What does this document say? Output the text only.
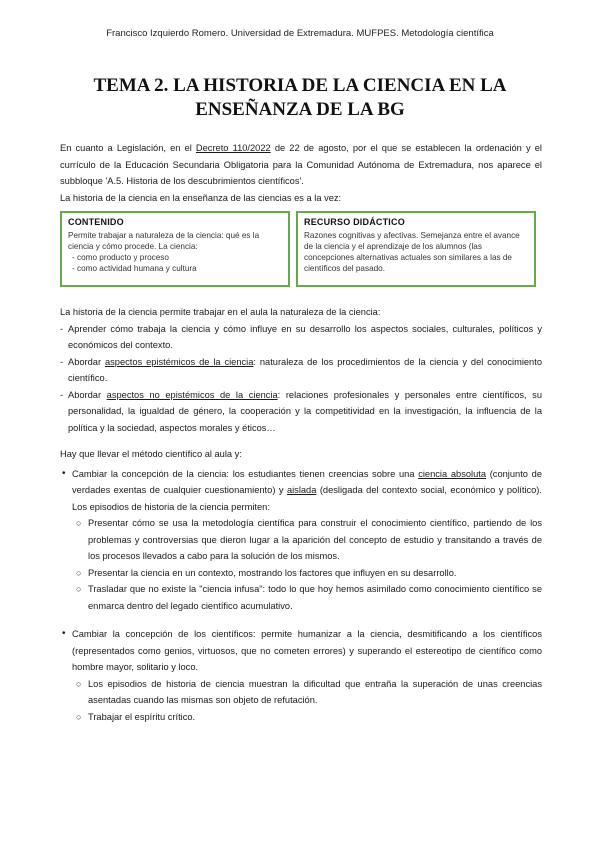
Francisco Izquierdo Romero. Universidad de Extremadura. MUFPES. Metodología científica
TEMA 2. LA HISTORIA DE LA CIENCIA EN LA
ENSEÑANZA DE LA BG

En cuanto a Legislación, en el Decreto 110/2022 de 22 de agosto, por el que se establecen la ordenación y el currículo de la Educación Secundaria Obligatoria para la Comunidad Autónoma de Extremadura, nos aparece el subbloque 'A.5. Historia de los descubrimientos científicos'.

La historia de la ciencia en la enseñanza de las ciencias es a la vez:

CONTENIDO
Permite trabajar a naturaleza de la ciencia: qué es la ciencia y cómo procede. La ciencia:
- como producto y proceso
- como actividad humana y cultura
RECURSO DIDÁCTICO
Razones cognitivas y afectivas. Semejanza entre el avance de la ciencia y el aprendizaje de los alumnos (las concepciones alternativas actuales son similares a las de científicos del pasado.

La historia de la ciencia permite trabajar en el aula la naturaleza de la ciencia:

- Aprender cómo trabaja la ciencia y cómo influye en su desarrollo los aspectos sociales, culturales, políticos y económicos del contexto.
- Abordar aspectos epistémicos de la ciencia: naturaleza de los procedimientos de la ciencia y del conocimiento científico.
- Abordar aspectos no epistémicos de la ciencia: relaciones profesionales y personales entre científicos, su personalidad, la igualdad de género, la cooperación y la competitividad en la investigación, la influencia de la política y la sociedad, aspectos morales y éticos…

Hay que llevar el método científico al aula y:

• Cambiar la concepción de la ciencia: los estudiantes tienen creencias sobre una ciencia absoluta (conjunto de verdades exentas de cualquier cuestionamiento) y aislada (desligada del contexto social, económico y político). Los episodios de historia de la ciencia permiten:
○ Presentar cómo se usa la metodología científica para construir el conocimiento científico, partiendo de los problemas y controversias que dieron lugar a la aparición del concepto de estudio y transitando a través de los procesos llevados a cabo para la solución de los mismos.
○ Presentar la ciencia en un contexto, mostrando los factores que influyen en su desarrollo.
○ Trasladar que no existe la "ciencia infusa": todo lo que hoy hemos asimilado como conocimiento científico se enmarca dentro del legado científico acumulativo.
• Cambiar la concepción de los científicos: permite humanizar a la ciencia, desmitificando a los científicos (representados como genios, virtuosos, que no cometen errores) y superando el estereotipo de científico como hombre mayor, solitario y loco.
○ Los episodios de historia de ciencia muestran la dificultad que entraña la superación de unas creencias asentadas cuando las mismas son objeto de refutación.
○ Trabajar el espíritu crítico.
